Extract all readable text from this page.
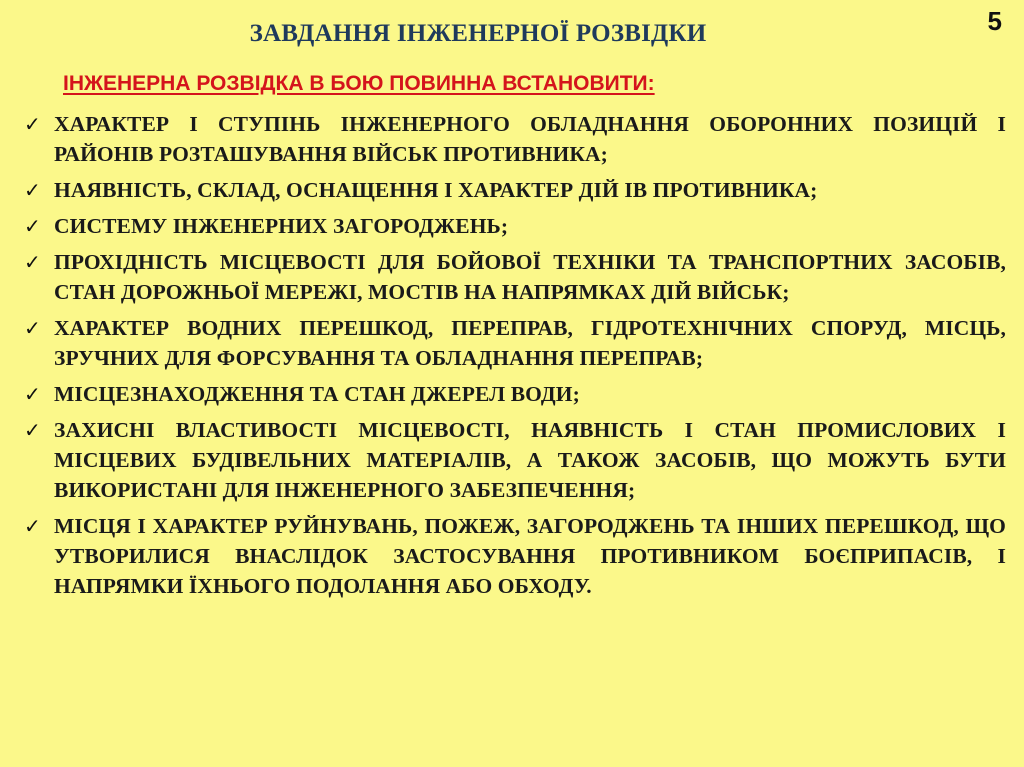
5
ЗАВДАННЯ ІНЖЕНЕРНОЇ РОЗВІДКИ
ІНЖЕНЕРНА РОЗВІДКА В БОЮ ПОВИННА ВСТАНОВИТИ:
✓ ХАРАКТЕР І СТУПІНЬ ІНЖЕНЕРНОГО ОБЛАДНАННЯ ОБОРОННИХ ПОЗИЦІЙ І РАЙОНІВ РОЗТАШУВАННЯ ВІЙСЬК ПРОТИВНИКА;
✓ НАЯВНІСТЬ, СКЛАД, ОСНАЩЕННЯ І ХАРАКТЕР ДІЙ ІВ ПРОТИВНИКА;
✓ СИСТЕМУ ІНЖЕНЕРНИХ ЗАГОРОДЖЕНЬ;
✓ ПРОХІДНІСТЬ МІСЦЕВОСТІ ДЛЯ БОЙОВОЇ ТЕХНІКИ ТА ТРАНСПОРТНИХ ЗАСОБІВ, СТАН ДОРОЖНЬОЇ МЕРЕЖІ, МОСТІВ НА НАПРЯМКАХ ДІЙ ВІЙСЬК;
✓ ХАРАКТЕР ВОДНИХ ПЕРЕШКОД, ПЕРЕПРАВ, ГІДРОТЕХНІЧНИХ СПОРУД, МІСЦЬ, ЗРУЧНИХ ДЛЯ ФОРСУВАННЯ ТА ОБЛАДНАННЯ ПЕРЕПРАВ;
✓ МІСЦЕЗНАХОДЖЕННЯ ТА СТАН ДЖЕРЕЛ ВОДИ;
✓ ЗАХИСНІ ВЛАСТИВОСТІ МІСЦЕВОСТІ, НАЯВНІСТЬ І СТАН ПРОМИСЛОВИХ І МІСЦЕВИХ БУДІВЕЛЬНИХ МАТЕРІАЛІВ, А ТАКОЖ ЗАСОБІВ, ЩО МОЖУТЬ БУТИ ВИКОРИСТАНІ ДЛЯ ІНЖЕНЕРНОГО ЗАБЕЗПЕЧЕННЯ;
✓ МІСЦЯ І ХАРАКТЕР РУЙНУВАНЬ, ПОЖЕЖ, ЗАГОРОДЖЕНЬ ТА ІНШИХ ПЕРЕШКОД, ЩО УТВОРИЛИСЯ ВНАСЛІДОК ЗАСТОСУВАННЯ ПРОТИВНИКОМ БОЄПРИПАСІВ, І НАПРЯМКИ ЇХНЬОГО ПОДОЛАННЯ АБО ОБХОДУ.
